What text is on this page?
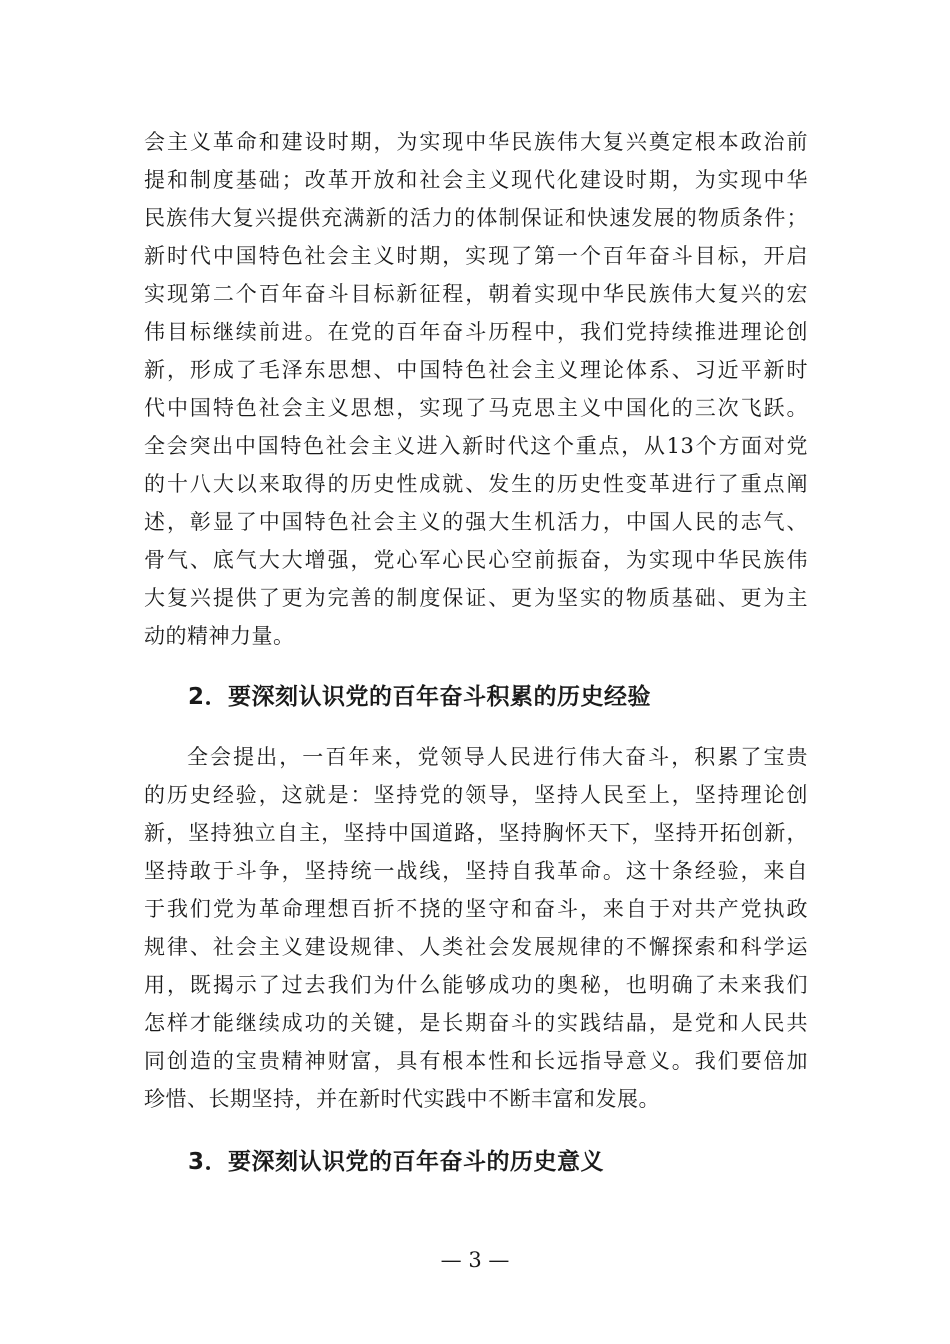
会主义革命和建设时期，为实现中华民族伟大复兴奠定根本政治前
提和制度基础；改革开放和社会主义现代化建设时期，为实现中华
民族伟大复兴提供充满新的活力的体制保证和快速发展的物质条件；
新时代中国特色社会主义时期，实现了第一个百年奋斗目标，开启
实现第二个百年奋斗目标新征程，朝着实现中华民族伟大复兴的宏
伟目标继续前进。在党的百年奋斗历程中，我们党持续推进理论创
新，形成了毛泽东思想、中国特色社会主义理论体系、习近平新时
代中国特色社会主义思想，实现了马克思主义中国化的三次飞跃。
全会突出中国特色社会主义进入新时代这个重点，从13个方面对党
的十八大以来取得的历史性成就、发生的历史性变革进行了重点阐
述，彰显了中国特色社会主义的强大生机活力，中国人民的志气、
骨气、底气大大增强，党心军心民心空前振奋，为实现中华民族伟
大复兴提供了更为完善的制度保证、更为坚实的物质基础、更为主
动的精神力量。
2．要深刻认识党的百年奋斗积累的历史经验
全会提出，一百年来，党领导人民进行伟大奋斗，积累了宝贵
的历史经验，这就是：坚持党的领导，坚持人民至上，坚持理论创
新，坚持独立自主，坚持中国道路，坚持胸怀天下，坚持开拓创新，
坚持敢于斗争，坚持统一战线，坚持自我革命。这十条经验，来自
于我们党为革命理想百折不挠的坚守和奋斗，来自于对共产党执政
规律、社会主义建设规律、人类社会发展规律的不懈探索和科学运
用，既揭示了过去我们为什么能够成功的奥秘，也明确了未来我们
怎样才能继续成功的关键，是长期奋斗的实践结晶，是党和人民共
同创造的宝贵精神财富，具有根本性和长远指导意义。我们要倍加
珍惜、长期坚持，并在新时代实践中不断丰富和发展。
3．要深刻认识党的百年奋斗的历史意义
— 3 —
